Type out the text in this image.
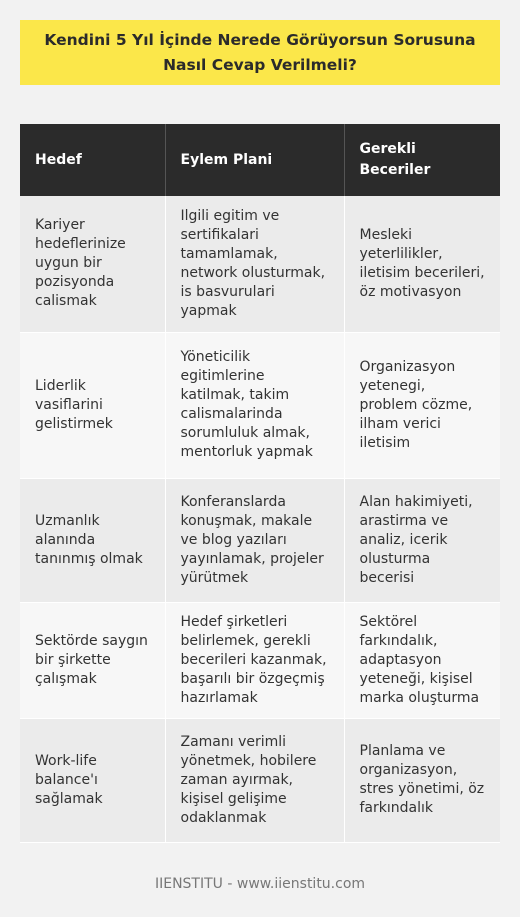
Kendini 5 Yıl İçinde Nerede Görüyorsun Sorusuna Nasıl Cevap Verilmeli?
Hedef	Eylem Plani	Gerekli Beceriler
Kariyer hedeflerinize uygun bir pozisyonda calismak	Ilgili egitim ve sertifikalari tamamlamak, network olusturmak, is basvurulari yapmak	Mesleki yeterlilikler, iletisim becerileri, öz motivasyon
Liderlik vasiflarini gelistirmek	Yöneticilik egitimlerine katilmak, takim calismalarinda sorumluluk almak, mentorluk yapmak	Organizasyon yetenegi, problem cözme, ilham verici iletisim
Uzmanlık alanında tanınmış olmak	Konferanslarda konuşmak, makale ve blog yazıları yayınlamak, projeler yürütmek	Alan hakimiyeti, arastirma ve analiz, icerik olusturma becerisi
Sektörde saygın bir şirkette çalışmak	Hedef şirketleri belirlemek, gerekli becerileri kazanmak, başarılı bir özgeçmiş hazırlamak	Sektörel farkındalık, adaptasyon yeteneği, kişisel marka oluşturma
Work-life balance'ı sağlamak	Zamanı verimli yönetmek, hobilere zaman ayırmak, kişisel gelişime odaklanmak	Planlama ve organizasyon, stres yönetimi, öz farkındalık
IIENSTITU - www.iienstitu.com
